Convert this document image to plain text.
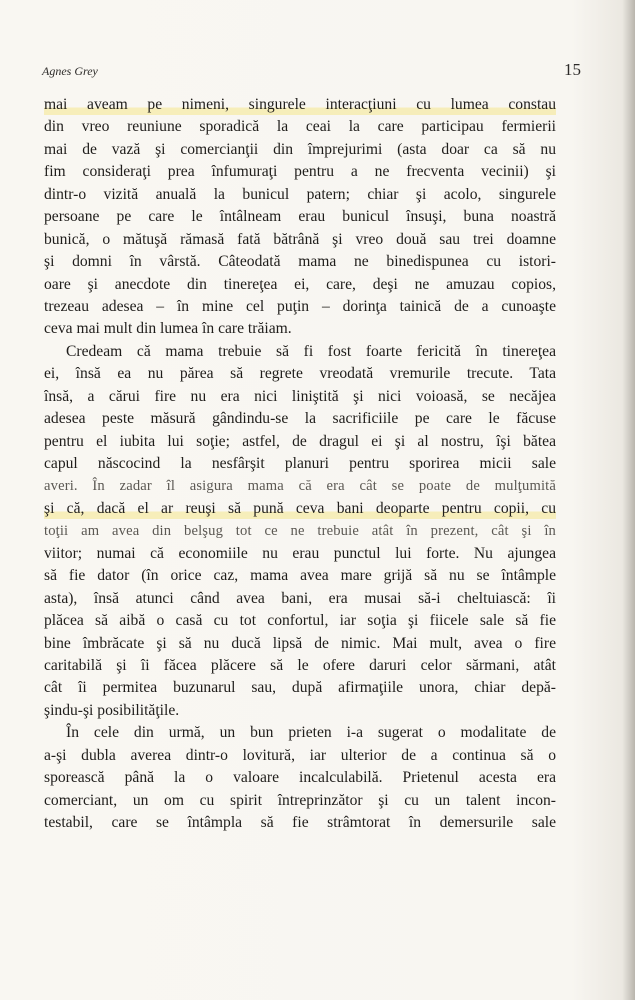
Agnes Grey	15
mai aveam pe nimeni, singurele interacţiuni cu lumea constau
din vreo reuniune sporadică la ceai la care participau fermierii
mai de vază şi comercianţii din împrejurimi (asta doar ca să nu
fim consideraţi prea înfumuraţi pentru a ne frecventa vecinii) şi
dintr-o vizită anuală la bunicul patern; chiar şi acolo, singurele
persoane pe care le întâlneam erau bunicul însuşi, buna noastră
bunică, o mătuşă rămasă fată bătrână şi vreo două sau trei doamne
şi domni în vârstă. Câteodată mama ne binedispunea cu istori-
oare şi anecdote din tinereţea ei, care, deşi ne amuzau copios,
trezeau adesea – în mine cel puţin – dorinţa tainică de a cunoaşte
ceva mai mult din lumea în care trăiam.
Credeam că mama trebuie să fi fost foarte fericită în tinereţea
ei, însă ea nu părea să regrete vreodată vremurile trecute. Tata
însă, a cărui fire nu era nici liniştită şi nici voioasă, se necăjea
adesea peste măsură gândindu-se la sacrificiile pe care le făcuse
pentru el iubita lui soţie; astfel, de dragul ei şi al nostru, îşi bătea
capul născocind la nesfârşit planuri pentru sporirea micii sale
averi. În zadar îl asigura mama că era cât se poate de mulţumită
şi că, dacă el ar reuşi să pună ceva bani deoparte pentru copii, cu
toţii am avea din belşug tot ce ne trebuie atât în prezent, cât şi în
viitor; numai că economiile nu erau punctul lui forte. Nu ajungea
să fie dator (în orice caz, mama avea mare grijă să nu se întâmple
asta), însă atunci când avea bani, era musai să-i cheltuiască: îi
plăcea să aibă o casă cu tot confortul, iar soţia şi fiicele sale să fie
bine îmbrăcate şi să nu ducă lipsă de nimic. Mai mult, avea o fire
caritabilă şi îi făcea plăcere să le ofere daruri celor sărmani, atât
cât îi permitea buzunarul sau, după afirmaţiile unora, chiar depă-
şindu-şi posibilităţile.
În cele din urmă, un bun prieten i-a sugerat o modalitate de
a-şi dubla averea dintr-o lovitură, iar ulterior de a continua să o
sporească până la o valoare incalculabilă. Prietenul acesta era
comerciant, un om cu spirit întreprinzător şi cu un talent incon-
testabil, care se întâmpla să fie strâmtorat în demersurile sale
